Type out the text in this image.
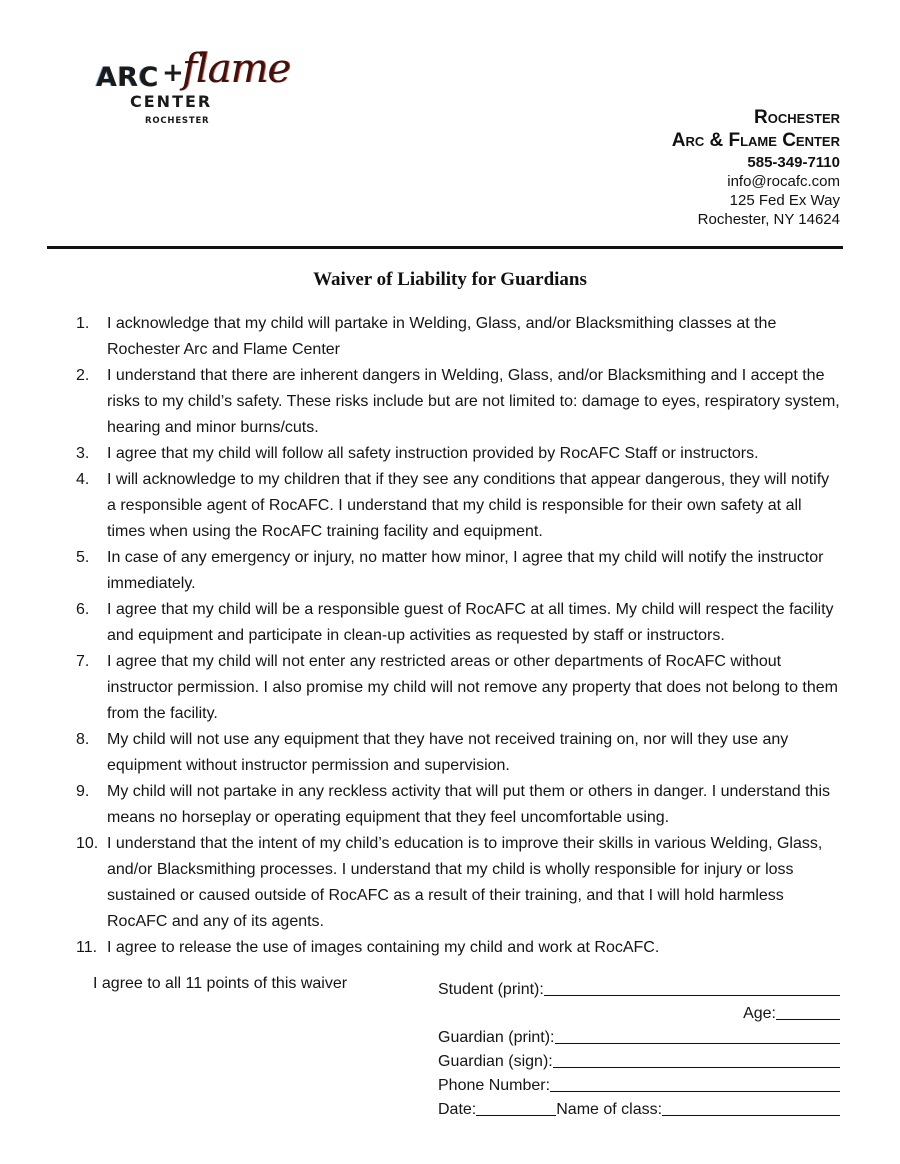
ARC +
flame
CENTER
ROCHESTER	Rochester
Arc & Flame Center
585-349-7110
info@rocafc.com
125 Fed Ex Way
Rochester, NY 14624
Waiver of Liability for Guardians
1. I acknowledge that my child will partake in Welding, Glass, and/or Blacksmithing classes at the Rochester Arc and Flame Center
2. I understand that there are inherent dangers in Welding, Glass, and/or Blacksmithing and I accept the risks to my child’s safety. These risks include but are not limited to: damage to eyes, respiratory system, hearing and minor burns/cuts.
3. I agree that my child will follow all safety instruction provided by RocAFC Staff or instructors.
4. I will acknowledge to my children that if they see any conditions that appear dangerous, they will notify a responsible agent of RocAFC. I understand that my child is responsible for their own safety at all times when using the RocAFC training facility and equipment.
5. In case of any emergency or injury, no matter how minor, I agree that my child will notify the instructor immediately.
6. I agree that my child will be a responsible guest of RocAFC at all times. My child will respect the facility and equipment and participate in clean-up activities as requested by staff or instructors.
7. I agree that my child will not enter any restricted areas or other departments of RocAFC without instructor permission. I also promise my child will not remove any property that does not belong to them from the facility.
8. My child will not use any equipment that they have not received training on, nor will they use any equipment without instructor permission and supervision.
9. My child will not partake in any reckless activity that will put them or others in danger. I understand this means no horseplay or operating equipment that they feel uncomfortable using.
10. I understand that the intent of my child’s education is to improve their skills in various Welding, Glass, and/or Blacksmithing processes. I understand that my child is wholly responsible for injury or loss sustained or caused outside of RocAFC as a result of their training, and that I will hold harmless RocAFC and any of its agents.
11. I agree to release the use of images containing my child and work at RocAFC.
I agree to all 11 points of this waiver	Student (print):
Age:
Guardian (print):
Guardian (sign):
Phone Number:
Date:	Name of class:
